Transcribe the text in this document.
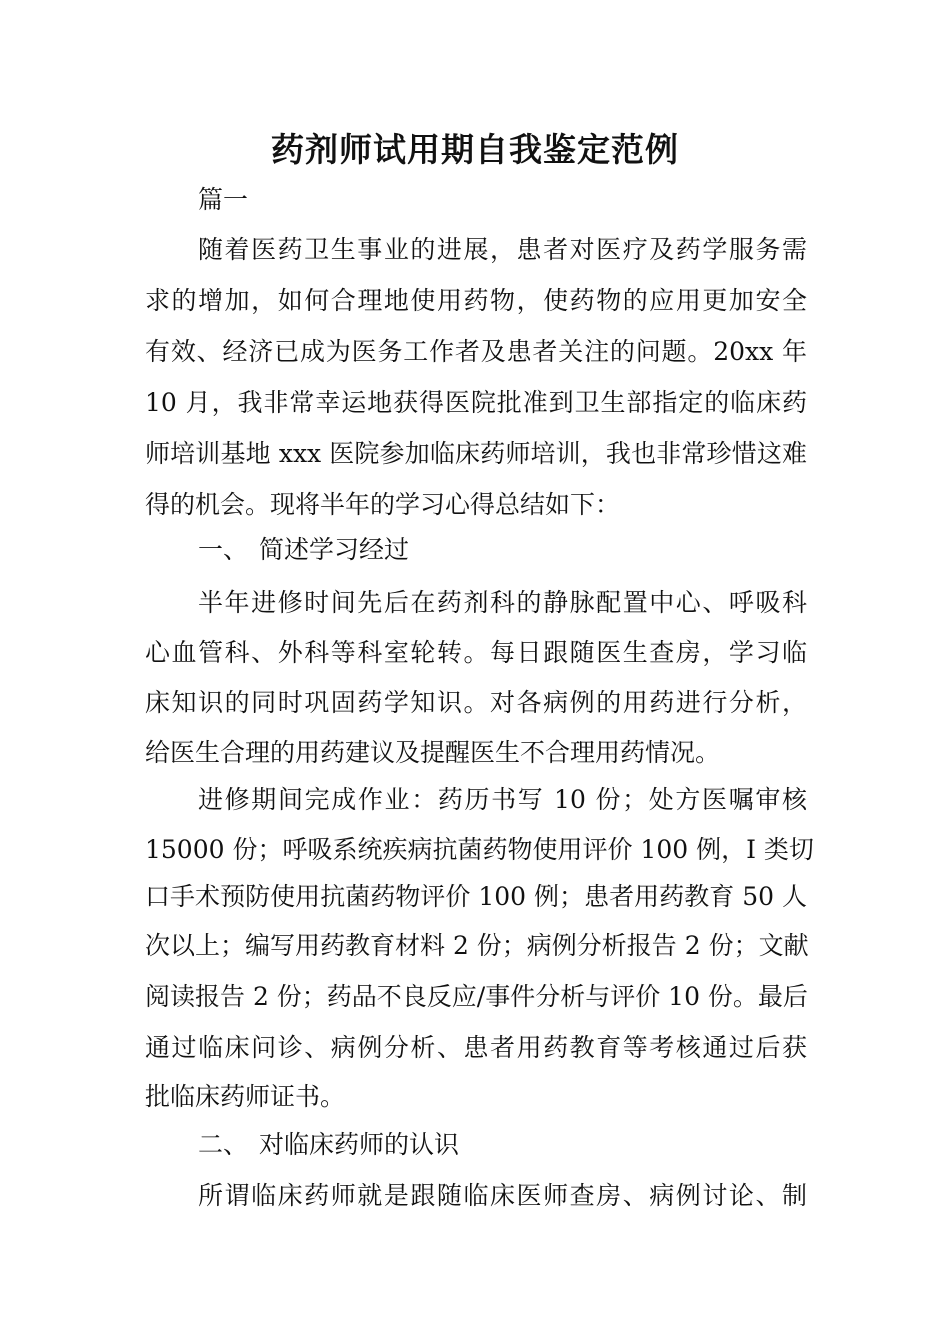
药剂师试用期自我鉴定范例

篇一

随着医药卫生事业的进展，患者对医疗及药学服务需

求的增加，如何合理地使用药物，使药物的应用更加安全

有效、经济已成为医务工作者及患者关注的问题。20xx 年

10 月，我非常幸运地获得医院批准到卫生部指定的临床药

师培训基地 xxx 医院参加临床药师培训，我也非常珍惜这难

得的机会。现将半年的学习心得总结如下：

一、 简述学习经过

半年进修时间先后在药剂科的静脉配置中心、呼吸科

心血管科、外科等科室轮转。每日跟随医生查房，学习临

床知识的同时巩固药学知识。对各病例的用药进行分析，

给医生合理的用药建议及提醒医生不合理用药情况。

进修期间完成作业：药历书写 10 份；处方医嘱审核

15000 份；呼吸系统疾病抗菌药物使用评价 100 例，I 类切

口手术预防使用抗菌药物评价 100 例；患者用药教育 50 人

次以上；编写用药教育材料 2 份；病例分析报告 2 份；文献

阅读报告 2 份；药品不良反应/事件分析与评价 10 份。最后

通过临床问诊、病例分析、患者用药教育等考核通过后获

批临床药师证书。

二、 对临床药师的认识

所谓临床药师就是跟随临床医师查房、病例讨论、制
